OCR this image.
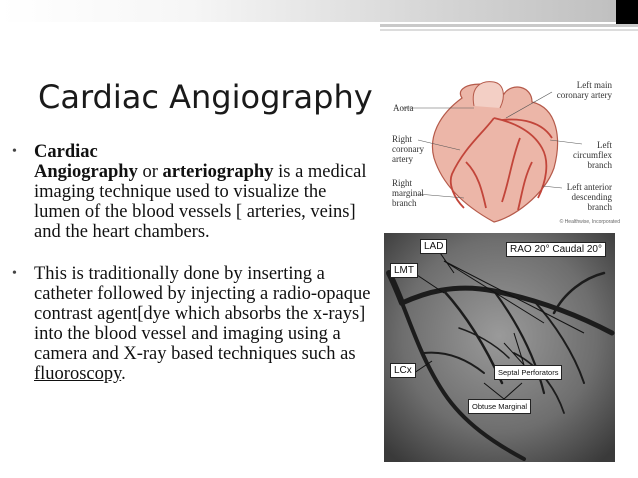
Cardiac Angiography
• Cardiac
Angiography or arteriography is a medical imaging technique used to visualize the lumen of the blood vessels [ arteries, veins] and the heart chambers.
• This is traditionally done by inserting a catheter followed by injecting a radio-opaque contrast agent[dye which absorbs the x-rays] into the blood vessel and imaging using a camera and X-ray based techniques such as fluoroscopy.
Aorta
Right
coronary
artery
Right
marginal
branch
Left main
coronary artery
Left
circumflex
branch
Left anterior
descending
branch
© Healthwise, Incorporated
LAD	RAO 20° Caudal 20°
LMT
LCx	Septal Perforators
Obtuse Marginal
